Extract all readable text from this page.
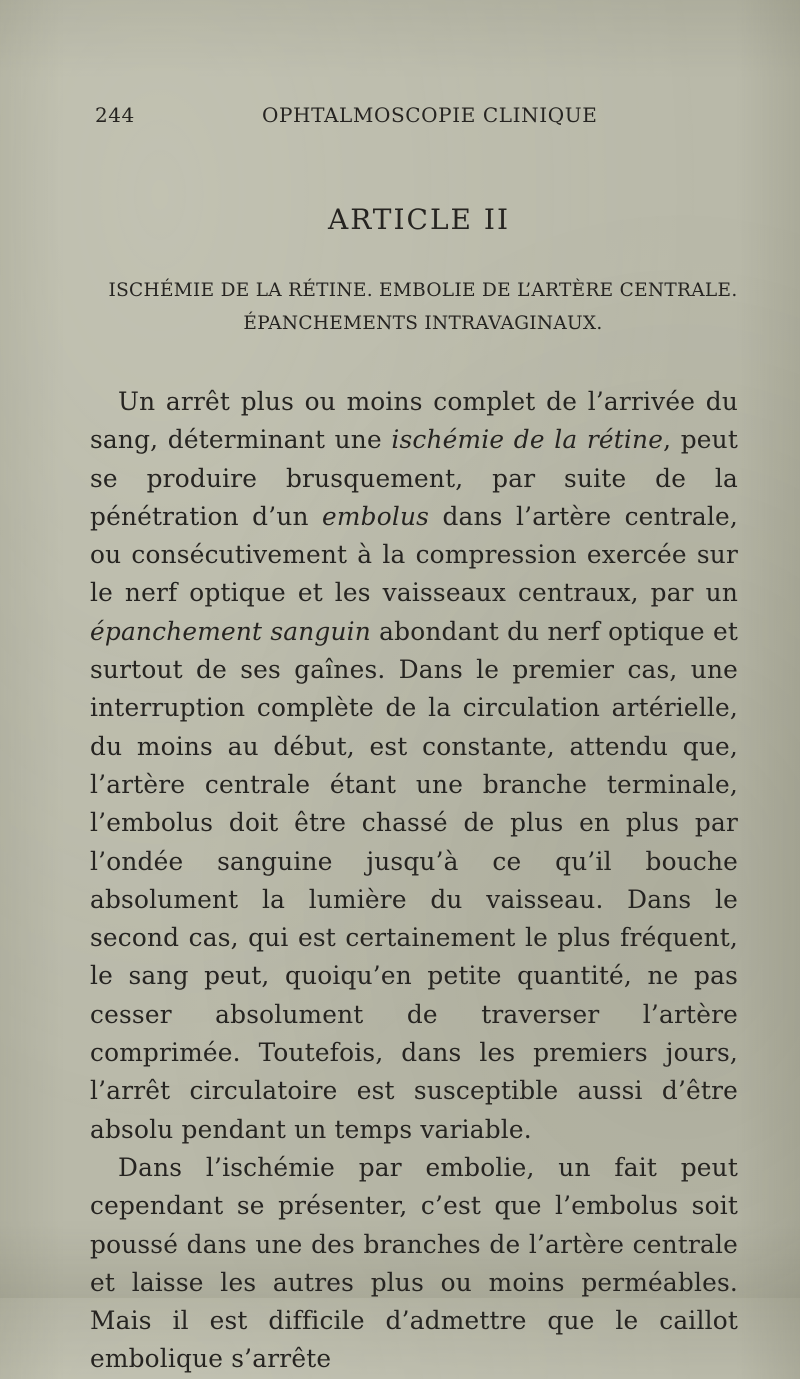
244	OPHTALMOSCOPIE CLINIQUE
ARTICLE II
ISCHÉMIE DE LA RÉTINE. EMBOLIE DE L’ARTÈRE CENTRALE.
ÉPANCHEMENTS INTRAVAGINAUX.

Un arrêt plus ou moins complet de l’arrivée du sang, déterminant une ischémie de la rétine, peut se produire brusquement, par suite de la pénétration d’un embolus dans l’artère centrale, ou consécutivement à la compression exercée sur le nerf optique et les vaisseaux centraux, par un épanchement sanguin abondant du nerf optique et surtout de ses gaînes. Dans le premier cas, une interruption complète de la circulation artérielle, du moins au début, est constante, attendu que, l’artère centrale étant une branche terminale, l’embolus doit être chassé de plus en plus par l’ondée sanguine jusqu’à ce qu’il bouche absolument la lumière du vaisseau. Dans le second cas, qui est certainement le plus fréquent, le sang peut, quoiqu’en petite quantité, ne pas cesser absolument de traverser l’artère comprimée. Toutefois, dans les premiers jours, l’arrêt circulatoire est susceptible aussi d’être absolu pendant un temps variable.

Dans l’ischémie par embolie, un fait peut cependant se présenter, c’est que l’embolus soit poussé dans une des branches de l’artère centrale et laisse les autres plus ou moins perméables. Mais il est difficile d’admettre que le caillot embolique s’arrête
